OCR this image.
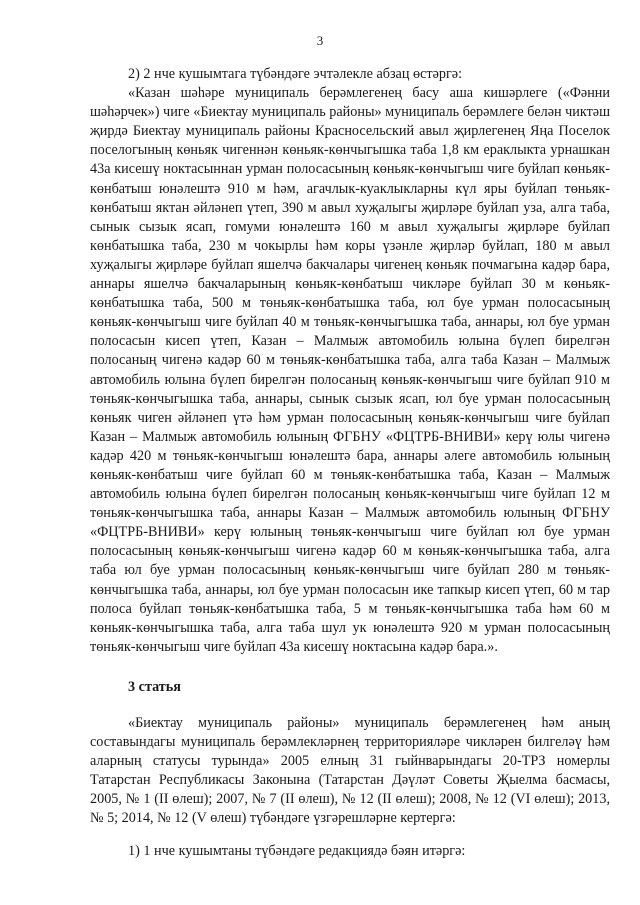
3

2) 2 нче кушымтага түбәндәге эчтәлекле абзац өстәргә:

«Казан шәһәре муниципаль берәмлегенең басу аша кишәрлеге («Фәнни шәһәрчек») чиге «Биектау муниципаль районы» муниципаль берәмлеге белән чиктәш җирдә Биектау муниципаль районы Красносельский авыл җирлегенең Яңа Поселок поселогының көньяк чигеннән көньяк-көнчыгышка таба 1,8 км ераклыкта урнашкан 43а кисешү ноктасыннан урман полосасының көньяк-көнчыгыш чиге буйлап көньяк-көнбатыш юнәлештә 910 м һәм, агачлык-куаклыкларны күл яры буйлап төньяк-көнбатыш яктан әйләнеп үтеп, 390 м авыл хуҗалыгы җирләре буйлап уза, алга таба, сынык сызык ясап, гомуми юнәлештә 160 м авыл хуҗалыгы җирләре буйлап көнбатышка таба, 230 м чокырлы һәм коры үзәнле җирләр буйлап, 180 м авыл хуҗалыгы җирләре буйлап яшелчә бакчалары чигенең көньяк почмагына кадәр бара, аннары яшелчә бакчаларының көньяк-көнбатыш чикләре буйлап 30 м көньяк-көнбатышка таба, 500 м төньяк-көнбатышка таба, юл буе урман полосасының көньяк-көнчыгыш чиге буйлап 40 м төньяк-көнчыгышка таба, аннары, юл буе урман полосасын кисеп үтеп, Казан – Малмыж автомобиль юлына бүлеп бирелгән полосаның чигенә кадәр 60 м төньяк-көнбатышка таба, алга таба Казан – Малмыж автомобиль юлына бүлеп бирелгән полосаның көньяк-көнчыгыш чиге буйлап 910 м төньяк-көнчыгышка таба, аннары, сынык сызык ясап, юл буе урман полосасының көньяк чиген әйләнеп үтә һәм урман полосасының көньяк-көнчыгыш чиге буйлап Казан – Малмыж автомобиль юлының ФГБНУ «ФЦТРБ-ВНИВИ» керү юлы чигенә кадәр 420 м төньяк-көнчыгыш юнәлештә бара, аннары әлеге автомобиль юлының көньяк-көнбатыш чиге буйлап 60 м төньяк-көнбатышка таба, Казан – Малмыж автомобиль юлына бүлеп бирелгән полосаның көньяк-көнчыгыш чиге буйлап 12 м төньяк-көнчыгышка таба, аннары Казан – Малмыж автомобиль юлының ФГБНУ «ФЦТРБ-ВНИВИ» керү юлының төньяк-көнчыгыш чиге буйлап юл буе урман полосасының көньяк-көнчыгыш чигенә кадәр 60 м көньяк-көнчыгышка таба, алга таба юл буе урман полосасының көньяк-көнчыгыш чиге буйлап 280 м төньяк-көнчыгышка таба, аннары, юл буе урман полосасын ике тапкыр кисеп үтеп, 60 м тар полоса буйлап төньяк-көнбатышка таба, 5 м төньяк-көнчыгышка таба һәм 60 м көньяк-көнчыгышка таба, алга таба шул ук юнәлештә 920 м урман полосасының төньяк-көнчыгыш чиге буйлап 43а кисешү ноктасына кадәр бара.».

3 статья

«Биектау муниципаль районы» муниципаль берәмлегенең һәм аның составындагы муниципаль берәмлекләрнең территорияләре чикләрен билгеләү һәм аларның статусы турында» 2005 елның 31 гыйнварындагы 20-ТРЗ номерлы Татарстан Республикасы Законына (Татарстан Дәүләт Советы Җыелма басмасы, 2005, № 1 (II өлеш); 2007, № 7 (II өлеш), № 12 (II өлеш); 2008, № 12 (VI өлеш); 2013, № 5; 2014, № 12 (V өлеш) түбәндәге үзгәрешләрне кертергә:

1) 1 нче кушымтаны түбәндәге редакциядә бәян итәргә:
